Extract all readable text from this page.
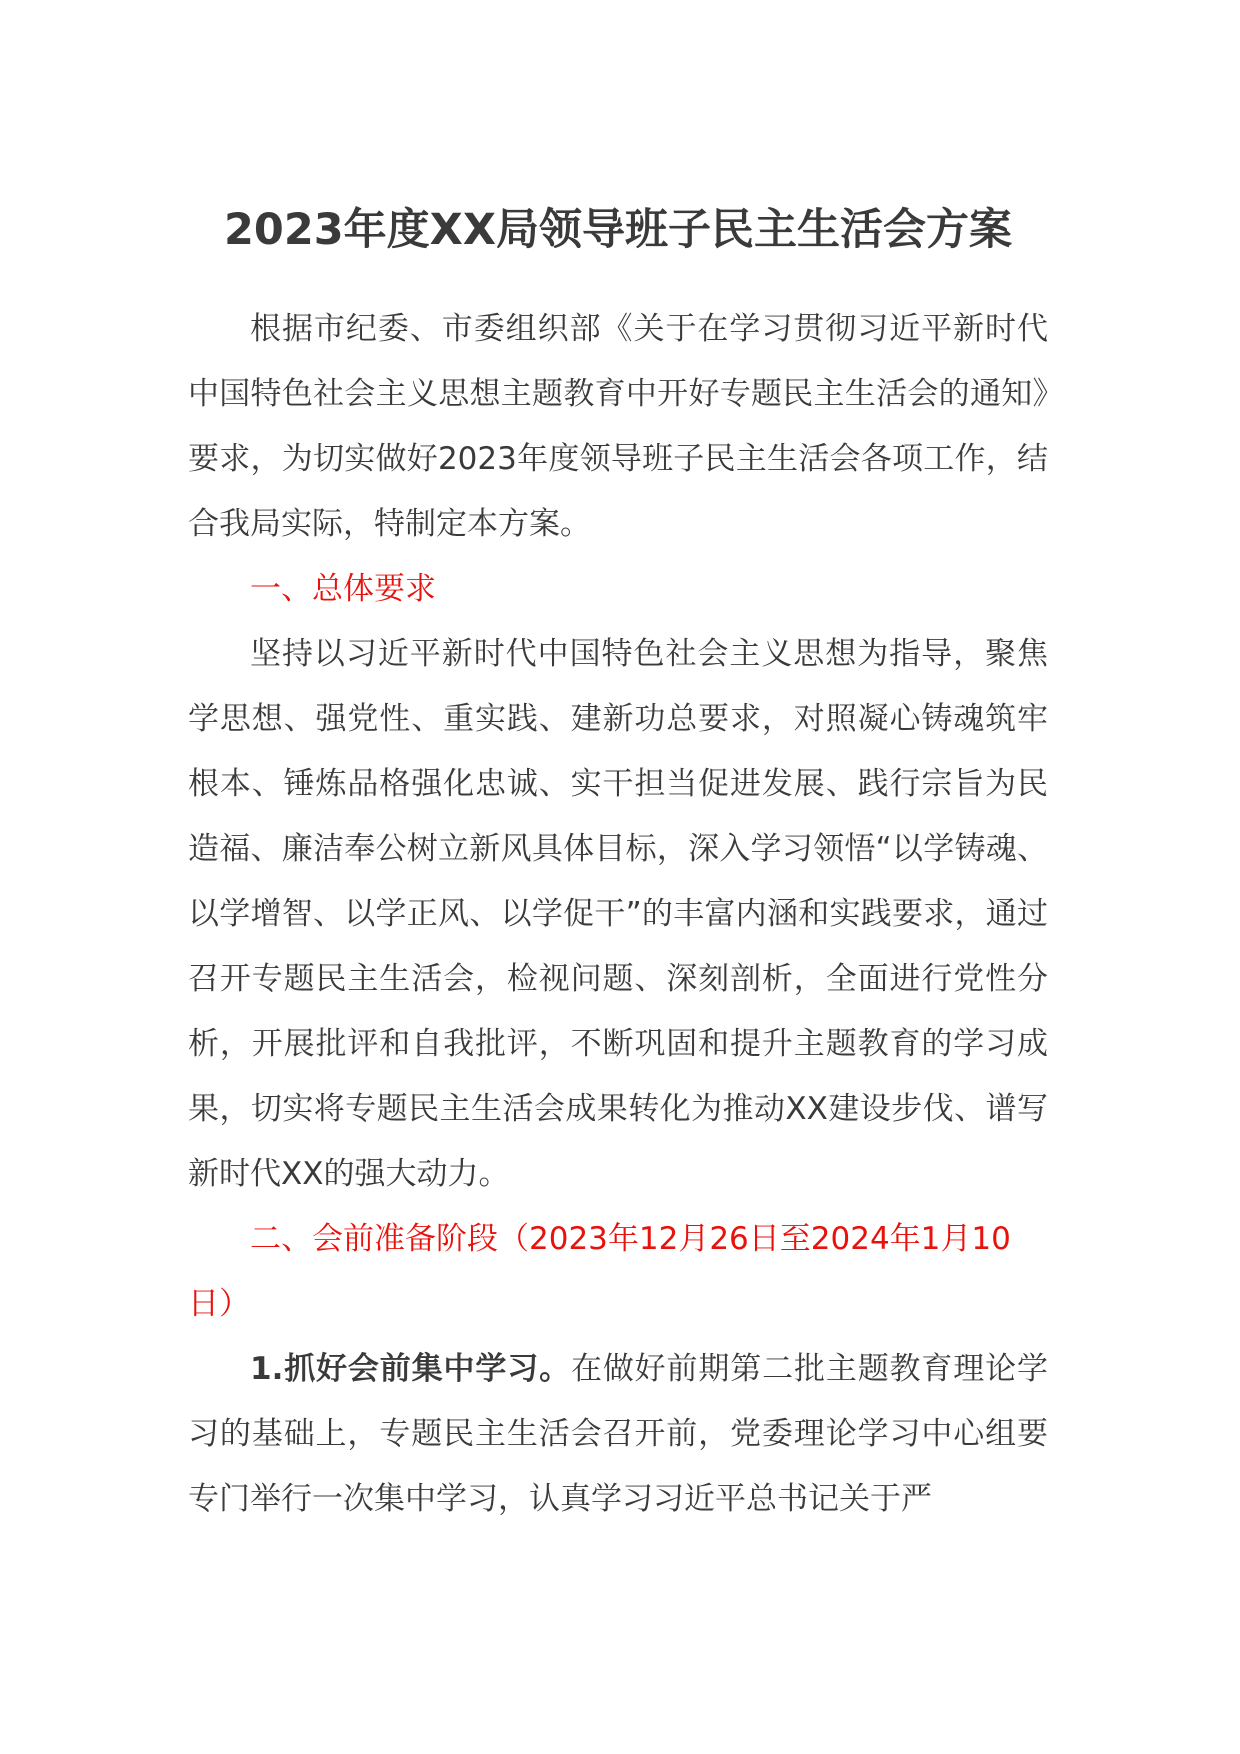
2023年度XX局领导班子民主生活会方案

根据市纪委、市委组织部《关于在学习贯彻习近平新时代中国特色社会主义思想主题教育中开好专题民主生活会的通知》要求，为切实做好2023年度领导班子民主生活会各项工作，结合我局实际，特制定本方案。

一、总体要求

坚持以习近平新时代中国特色社会主义思想为指导，聚焦学思想、强党性、重实践、建新功总要求，对照凝心铸魂筑牢根本、锤炼品格强化忠诚、实干担当促进发展、践行宗旨为民造福、廉洁奉公树立新风具体目标，深入学习领悟“以学铸魂、以学增智、以学正风、以学促干”的丰富内涵和实践要求，通过召开专题民主生活会，检视问题、深刻剖析，全面进行党性分析，开展批评和自我批评，不断巩固和提升主题教育的学习成果，切实将专题民主生活会成果转化为推动XX建设步伐、谱写新时代XX的强大动力。

二、会前准备阶段（2023年12月26日至2024年1月10日）

1.抓好会前集中学习。在做好前期第二批主题教育理论学习的基础上，专题民主生活会召开前，党委理论学习中心组要专门举行一次集中学习，认真学习习近平总书记关于严
